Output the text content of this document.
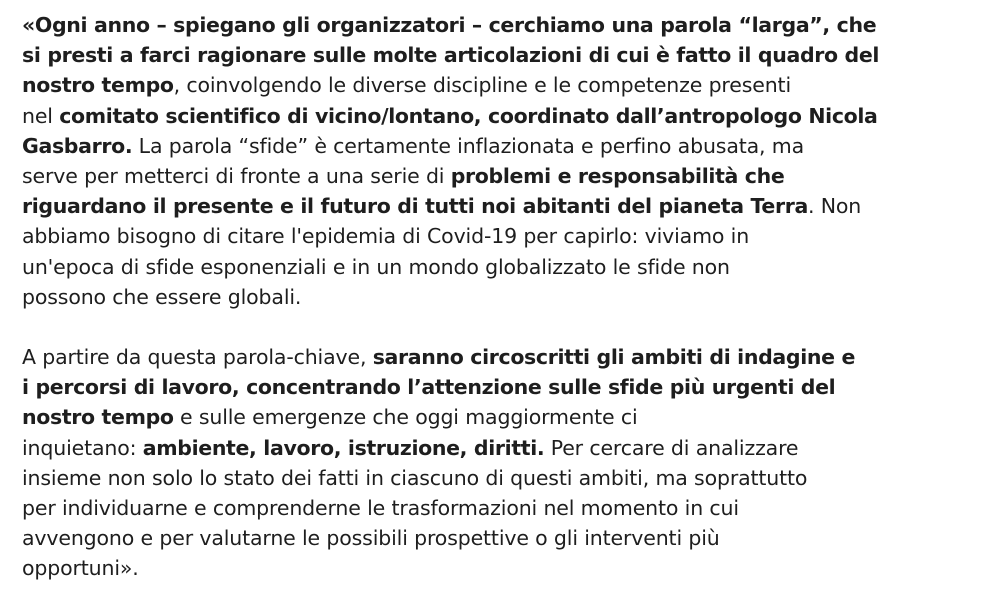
«Ogni anno – spiegano gli organizzatori – cerchiamo una parola “larga”, che
si presti a farci ragionare sulle molte articolazioni di cui è fatto il quadro del
nostro tempo, coinvolgendo le diverse discipline e le competenze presenti
nel comitato scientifico di vicino/lontano, coordinato dall’antropologo Nicola
Gasbarro. La parola “sfide” è certamente inflazionata e perfino abusata, ma
serve per metterci di fronte a una serie di problemi e responsabilità che
riguardano il presente e il futuro di tutti noi abitanti del pianeta Terra. Non
abbiamo bisogno di citare l'epidemia di Covid-19 per capirlo: viviamo in
un'epoca di sfide esponenziali e in un mondo globalizzato le sfide non
possono che essere globali.

A partire da questa parola-chiave, saranno circoscritti gli ambiti di indagine e
i percorsi di lavoro, concentrando l’attenzione sulle sfide più urgenti del
nostro tempo e sulle emergenze che oggi maggiormente ci
inquietano: ambiente, lavoro, istruzione, diritti. Per cercare di analizzare
insieme non solo lo stato dei fatti in ciascuno di questi ambiti, ma soprattutto
per individuarne e comprenderne le trasformazioni nel momento in cui
avvengono e per valutarne le possibili prospettive o gli interventi più
opportuni».
